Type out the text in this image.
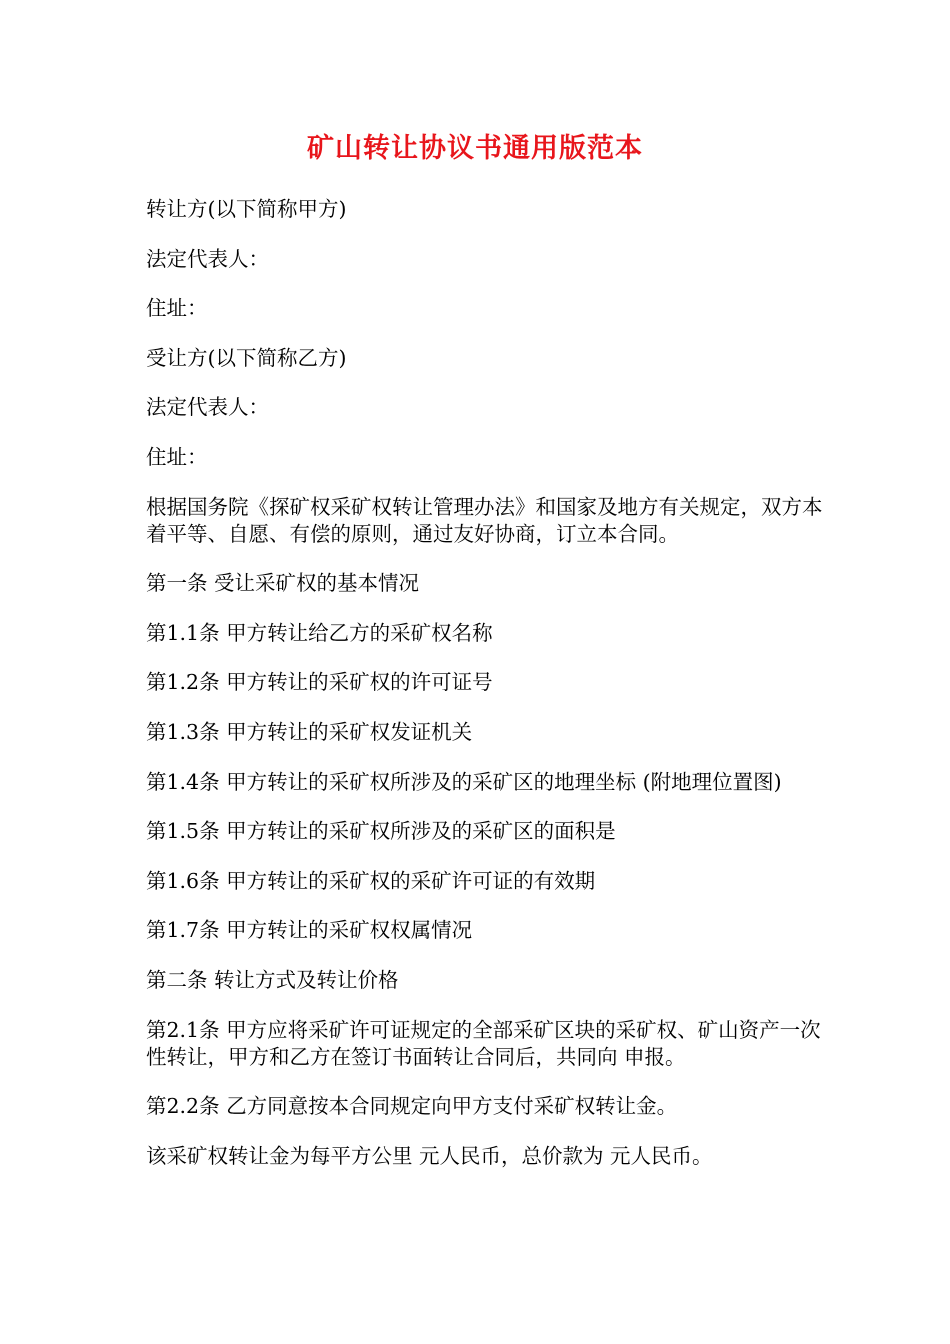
矿山转让协议书通用版范本

转让方(以下简称甲方)

法定代表人：

住址：

受让方(以下简称乙方)

法定代表人：

住址：

根据国务院《探矿权采矿权转让管理办法》和国家及地方有关规定，双方本着平等、自愿、有偿的原则，通过友好协商，订立本合同。

第一条 受让采矿权的基本情况

第1.1条 甲方转让给乙方的采矿权名称

第1.2条 甲方转让的采矿权的许可证号

第1.3条 甲方转让的采矿权发证机关

第1.4条 甲方转让的采矿权所涉及的采矿区的地理坐标 (附地理位置图)

第1.5条 甲方转让的采矿权所涉及的采矿区的面积是

第1.6条 甲方转让的采矿权的采矿许可证的有效期

第1.7条 甲方转让的采矿权权属情况

第二条 转让方式及转让价格

第2.1条 甲方应将采矿许可证规定的全部采矿区块的采矿权、矿山资产一次性转让，甲方和乙方在签订书面转让合同后，共同向 申报。

第2.2条 乙方同意按本合同规定向甲方支付采矿权转让金。

该采矿权转让金为每平方公里 元人民币，总价款为 元人民币。
